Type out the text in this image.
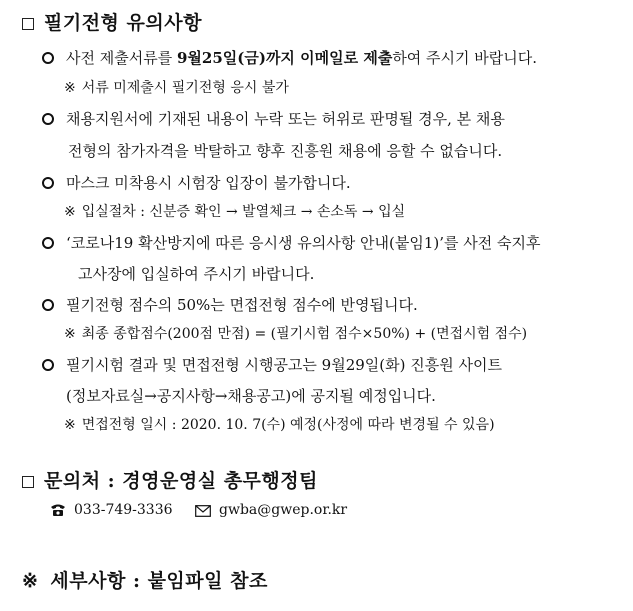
필기전형 유의사항
사전 제출서류를 9월25일(금)까지 이메일로 제출하여 주시기 바랍니다.
※ 서류 미제출시 필기전형 응시 불가
채용지원서에 기재된 내용이 누락 또는 허위로 판명될 경우, 본 채용
전형의 참가자격을 박탈하고 향후 진흥원 채용에 응할 수 없습니다.
마스크 미착용시 시험장 입장이 불가합니다.
※ 입실절차 : 신분증 확인 → 발열체크 → 손소독 → 입실
‘코로나19 확산방지에 따른 응시생 유의사항 안내(붙임1)’를 사전 숙지후
고사장에 입실하여 주시기 바랍니다.
필기전형 점수의 50%는 면접전형 점수에 반영됩니다.
※ 최종 종합점수(200점 만점) = (필기시험 점수×50%) + (면접시험 점수)
필기시험 결과 및 면접전형 시행공고는 9월29일(화) 진흥원 사이트
(정보자료실→공지사항→채용공고)에 공지될 예정입니다.
※ 면접전형 일시 : 2020. 10. 7(수) 예정(사정에 따라 변경될 수 있음)
문의처 : 경영운영실 총무행정팀
033-749-3336	gwba@gwep.or.kr
※ 세부사항 : 붙임파일 참조
